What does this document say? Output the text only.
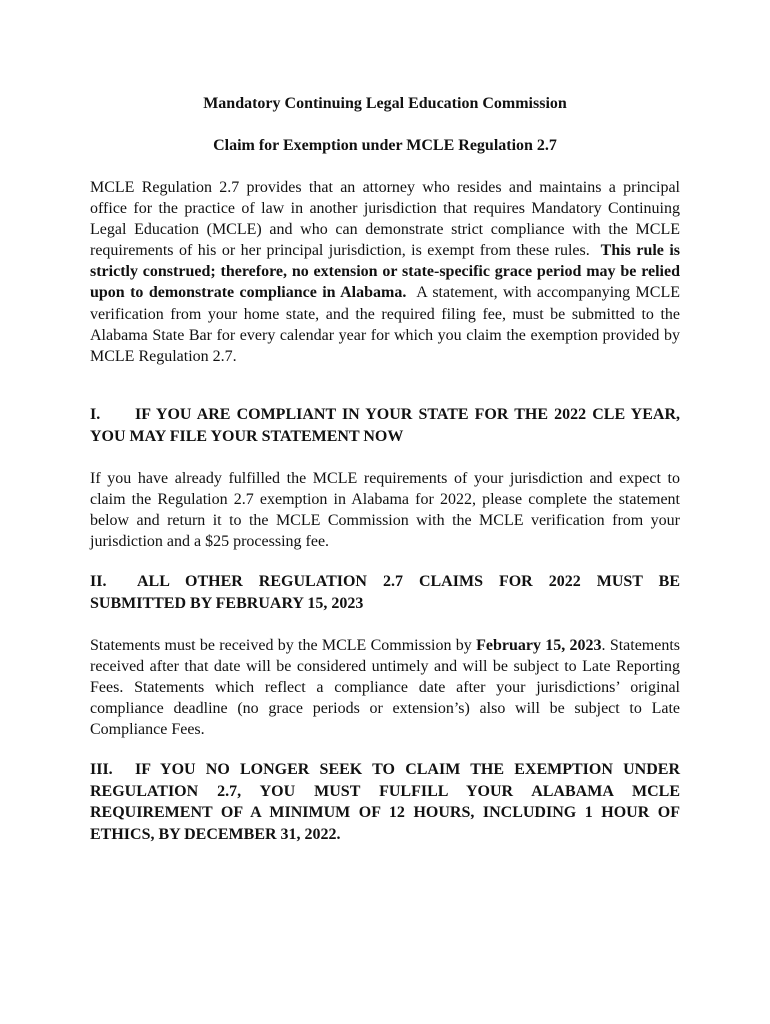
Mandatory Continuing Legal Education Commission
Claim for Exemption under MCLE Regulation 2.7

MCLE Regulation 2.7 provides that an attorney who resides and maintains a principal office for the practice of law in another jurisdiction that requires Mandatory Continuing Legal Education (MCLE) and who can demonstrate strict compliance with the MCLE requirements of his or her principal jurisdiction, is exempt from these rules. This rule is strictly construed; therefore, no extension or state-specific grace period may be relied upon to demonstrate compliance in Alabama. A statement, with accompanying MCLE verification from your home state, and the required filing fee, must be submitted to the Alabama State Bar for every calendar year for which you claim the exemption provided by MCLE Regulation 2.7.

I. IF YOU ARE COMPLIANT IN YOUR STATE FOR THE 2022 CLE YEAR, YOU MAY FILE YOUR STATEMENT NOW

If you have already fulfilled the MCLE requirements of your jurisdiction and expect to claim the Regulation 2.7 exemption in Alabama for 2022, please complete the statement below and return it to the MCLE Commission with the MCLE verification from your jurisdiction and a $25 processing fee.

II. ALL OTHER REGULATION 2.7 CLAIMS FOR 2022 MUST BE SUBMITTED BY FEBRUARY 15, 2023

Statements must be received by the MCLE Commission by February 15, 2023. Statements received after that date will be considered untimely and will be subject to Late Reporting Fees. Statements which reflect a compliance date after your jurisdictions’ original compliance deadline (no grace periods or extension’s) also will be subject to Late Compliance Fees.

III. IF YOU NO LONGER SEEK TO CLAIM THE EXEMPTION UNDER REGULATION 2.7, YOU MUST FULFILL YOUR ALABAMA MCLE REQUIREMENT OF A MINIMUM OF 12 HOURS, INCLUDING 1 HOUR OF ETHICS, BY DECEMBER 31, 2022.
